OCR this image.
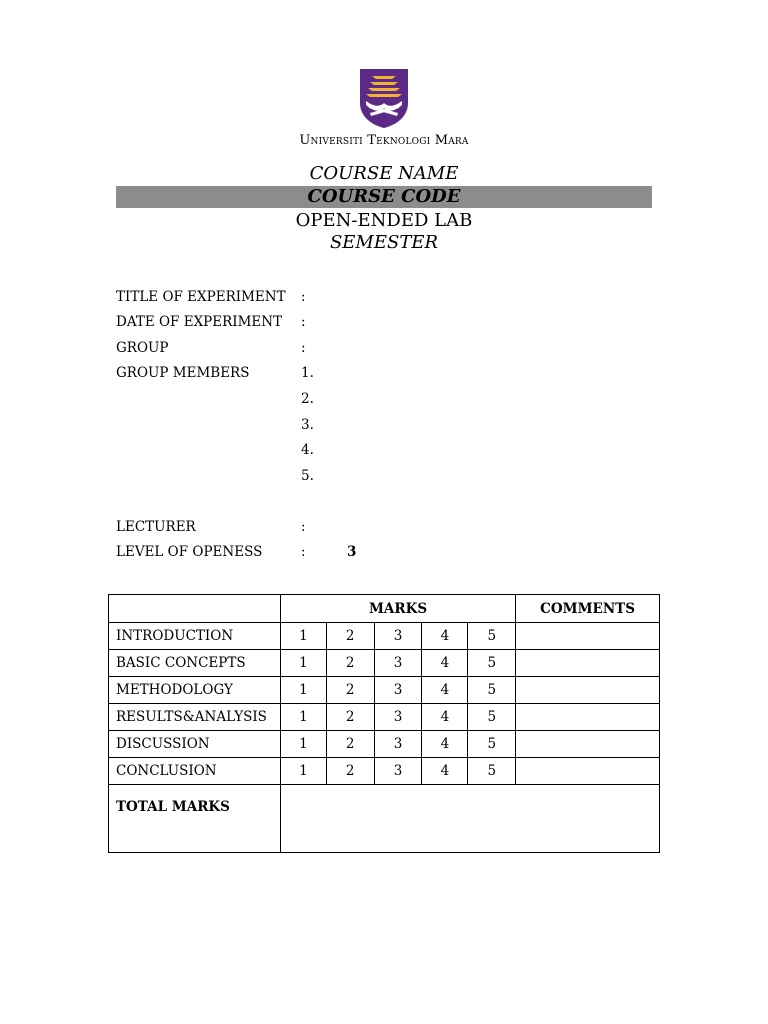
Universiti Teknologi Mara
COURSE NAME
COURSE CODE
OPEN-ENDED LAB
SEMESTER
TITLE OF EXPERIMENT :
DATE OF EXPERIMENT :
GROUP	:
GROUP MEMBERS	1.
2.
3.
4.
5.
LECTURER	:
LEVEL OF OPENESS	:	3
	MARKS					COMMENTS
INTRODUCTION	1	2	3	4	5	
BASIC CONCEPTS	1	2	3	4	5	
METHODOLOGY	1	2	3	4	5	
RESULTS&ANALYSIS	1	2	3	4	5	
DISCUSSION	1	2	3	4	5	
CONCLUSION	1	2	3	4	5	
TOTAL MARKS						
